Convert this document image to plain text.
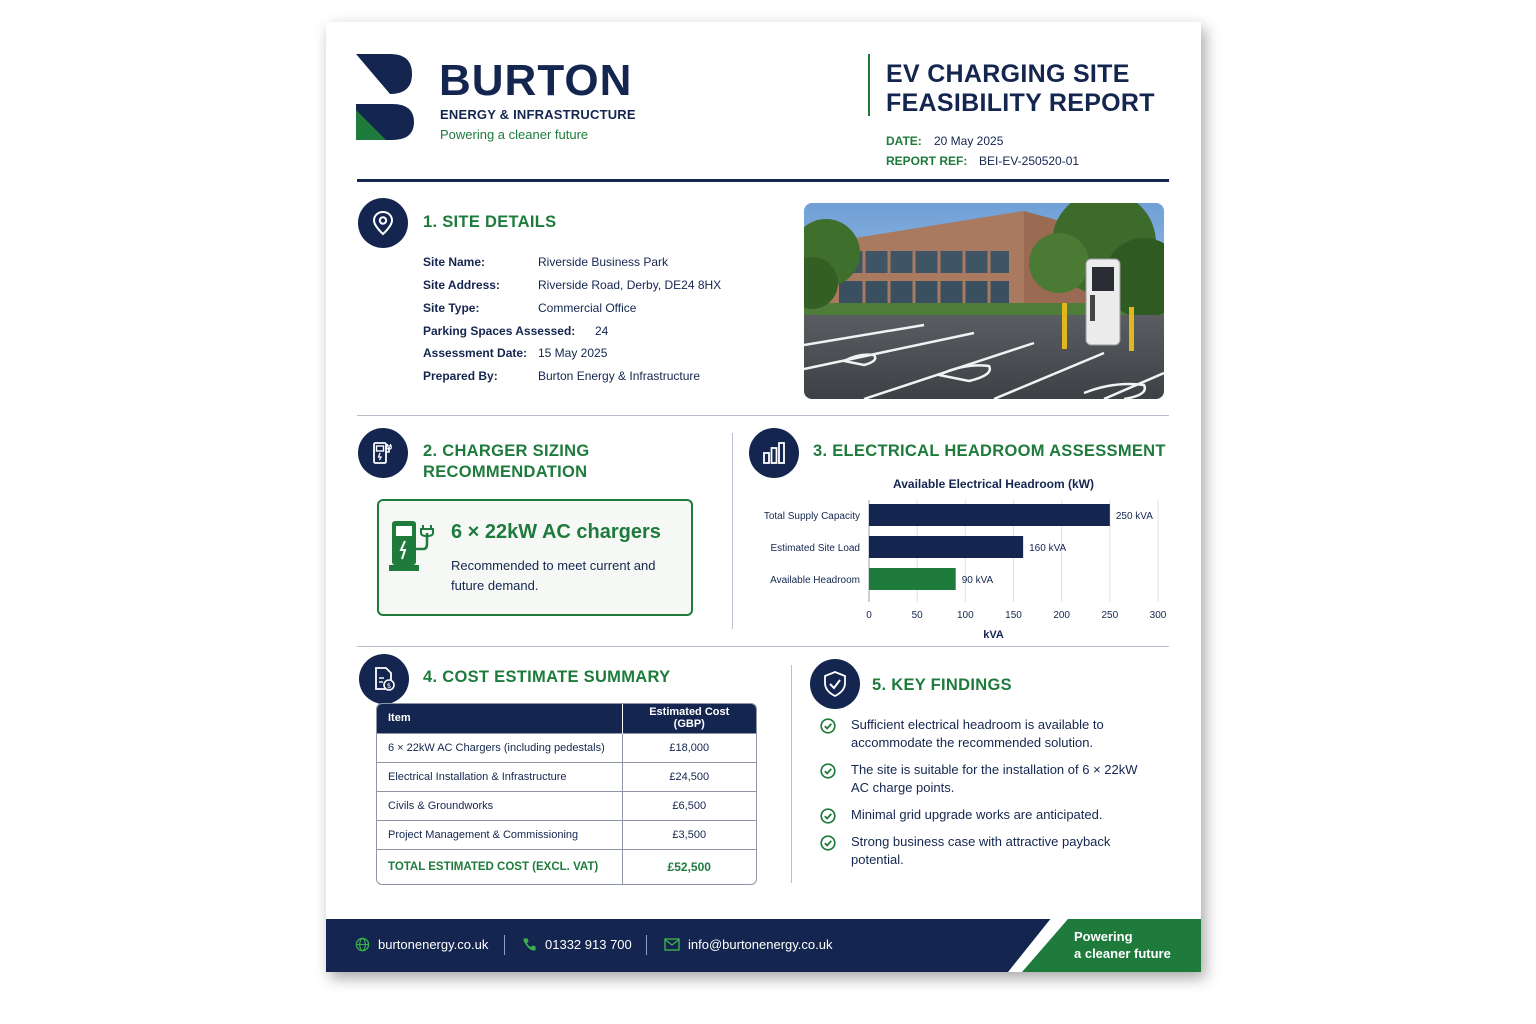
BURTON
ENERGY & INFRASTRUCTURE
Powering a cleaner future
EV CHARGING SITE
FEASIBILITY REPORT
DATE: 20 May 2025
REPORT REF: BEI-EV-250520-01
1. SITE DETAILS
Site Name:	Riverside Business Park
Site Address:	Riverside Road, Derby, DE24 8HX
Site Type:	Commercial Office
Parking Spaces Assessed: 24
Assessment Date: 15 May 2025
Prepared By:	Burton Energy & Infrastructure
2. CHARGER SIZING
RECOMMENDATION
6 × 22kW AC chargers
Recommended to meet current and future demand.
3. ELECTRICAL HEADROOM ASSESSMENT
Available Electrical Headroom (kW)
Total Supply Capacity	250 kVA
Estimated Site Load	160 kVA
Available Headroom	90 kVA
0	50	100	150	200	250	300
kVA
$ 4. COST ESTIMATE SUMMARY
Item	Estimated Cost (GBP)
6 × 22kW AC Chargers (including pedestals)	£18,000
Electrical Installation & Infrastructure	£24,500
Civils & Groundworks	£6,500
Project Management & Commissioning	£3,500
TOTAL ESTIMATED COST (EXCL. VAT)	£52,500
5. KEY FINDINGS
Sufficient electrical headroom is available to accommodate the recommended solution.
The site is suitable for the installation of 6 × 22kW AC charge points.
Minimal grid upgrade works are anticipated.
Strong business case with attractive payback potential.
burtonenergy.co.uk	01332 913 700	info@burtonenergy.co.uk
Powering
a cleaner future
